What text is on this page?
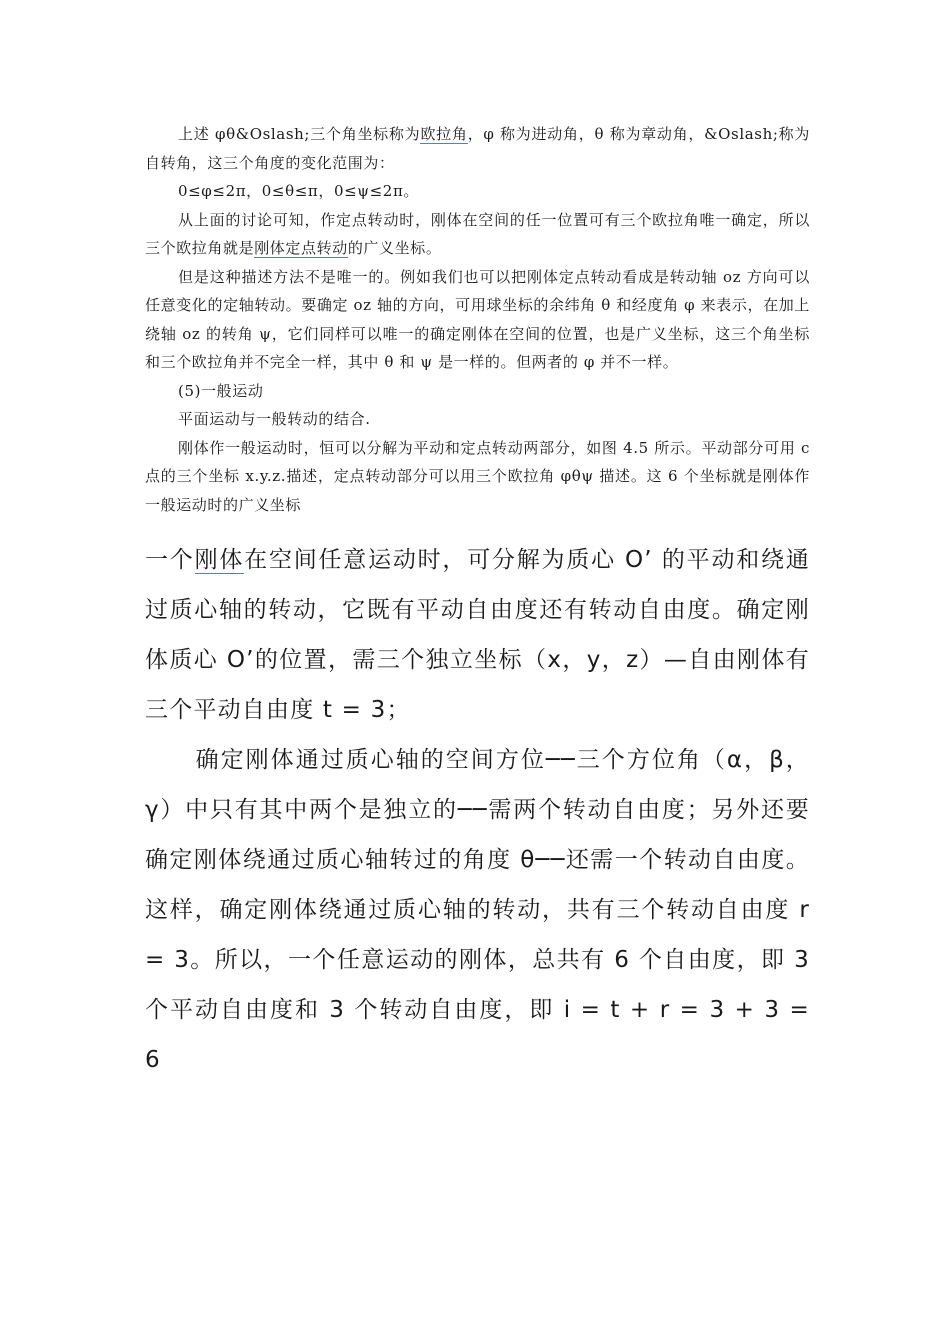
上述 φθ&Oslash;三个角坐标称为欧拉角，φ 称为进动角，θ 称为章动角，&Oslash;称为自转角，这三个角度的变化范围为：

0≤φ≤2π，0≤θ≤π，0≤ψ≤2π。

从上面的讨论可知，作定点转动时，刚体在空间的任一位置可有三个欧拉角唯一确定，所以三个欧拉角就是刚体定点转动的广义坐标。

但是这种描述方法不是唯一的。例如我们也可以把刚体定点转动看成是转动轴 oz 方向可以任意变化的定轴转动。要确定 oz 轴的方向，可用球坐标的余纬角 θ 和经度角 φ 来表示，在加上绕轴 oz 的转角 ψ，它们同样可以唯一的确定刚体在空间的位置，也是广义坐标，这三个角坐标和三个欧拉角并不完全一样，其中 θ 和 ψ 是一样的。但两者的 φ 并不一样。

(5)一般运动

平面运动与一般转动的结合.

刚体作一般运动时，恒可以分解为平动和定点转动两部分，如图 4.5 所示。平动部分可用 c 点的三个坐标 x.y.z.描述，定点转动部分可以用三个欧拉角 φθψ 描述。这 6 个坐标就是刚体作一般运动时的广义坐标

一个刚体在空间任意运动时，可分解为质心 O’ 的平动和绕通过质心轴的转动，它既有平动自由度还有转动自由度。确定刚体质心 O’的位置，需三个独立坐标（x，y，z）—自由刚体有三个平动自由度 t = 3；

确定刚体通过质心轴的空间方位──三个方位角（α，β，γ）中只有其中两个是独立的──需两个转动自由度；另外还要确定刚体绕通过质心轴转过的角度 θ──还需一个转动自由度。这样，确定刚体绕通过质心轴的转动，共有三个转动自由度 r = 3。所以，一个任意运动的刚体，总共有 6 个自由度，即 3 个平动自由度和 3 个转动自由度，即 i = t + r = 3 + 3 = 6
